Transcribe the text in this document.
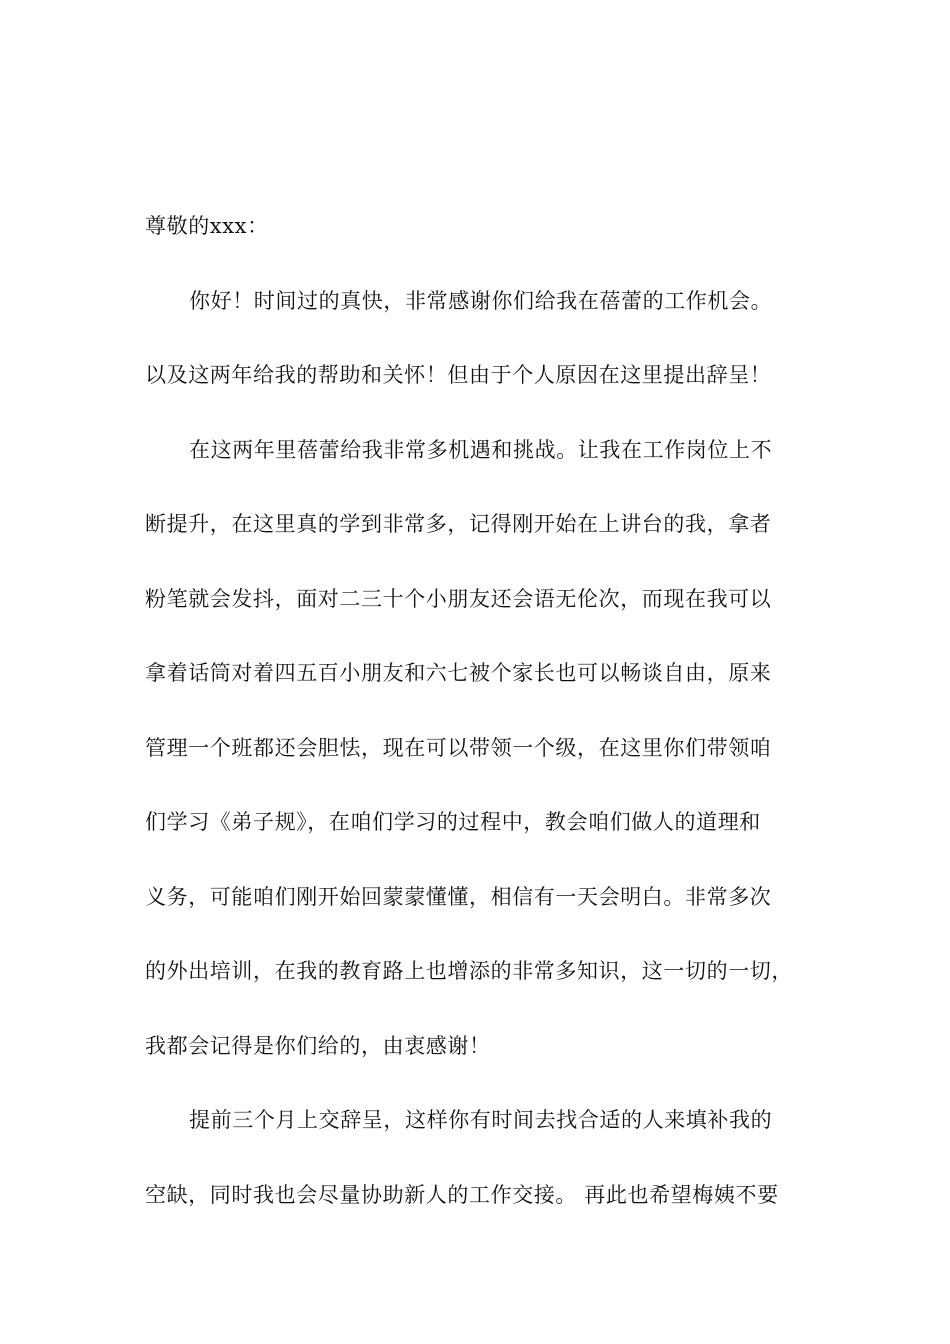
尊敬的xxx：
你好！时间过的真快，非常感谢你们给我在蓓蕾的工作机会。
以及这两年给我的帮助和关怀！但由于个人原因在这里提出辞呈！
在这两年里蓓蕾给我非常多机遇和挑战。让我在工作岗位上不
断提升，在这里真的学到非常多，记得刚开始在上讲台的我，拿者
粉笔就会发抖，面对二三十个小朋友还会语无伦次，而现在我可以
拿着话筒对着四五百小朋友和六七被个家长也可以畅谈自由，原来
管理一个班都还会胆怯，现在可以带领一个级，在这里你们带领咱
们学习《弟子规》，在咱们学习的过程中，教会咱们做人的道理和
义务，可能咱们刚开始回蒙蒙懂懂，相信有一天会明白。非常多次
的外出培训，在我的教育路上也增添的非常多知识，这一切的一切，
我都会记得是你们给的，由衷感谢！
提前三个月上交辞呈，这样你有时间去找合适的人来填补我的
空缺，同时我也会尽量协助新人的工作交接。 再此也希望梅姨不要
